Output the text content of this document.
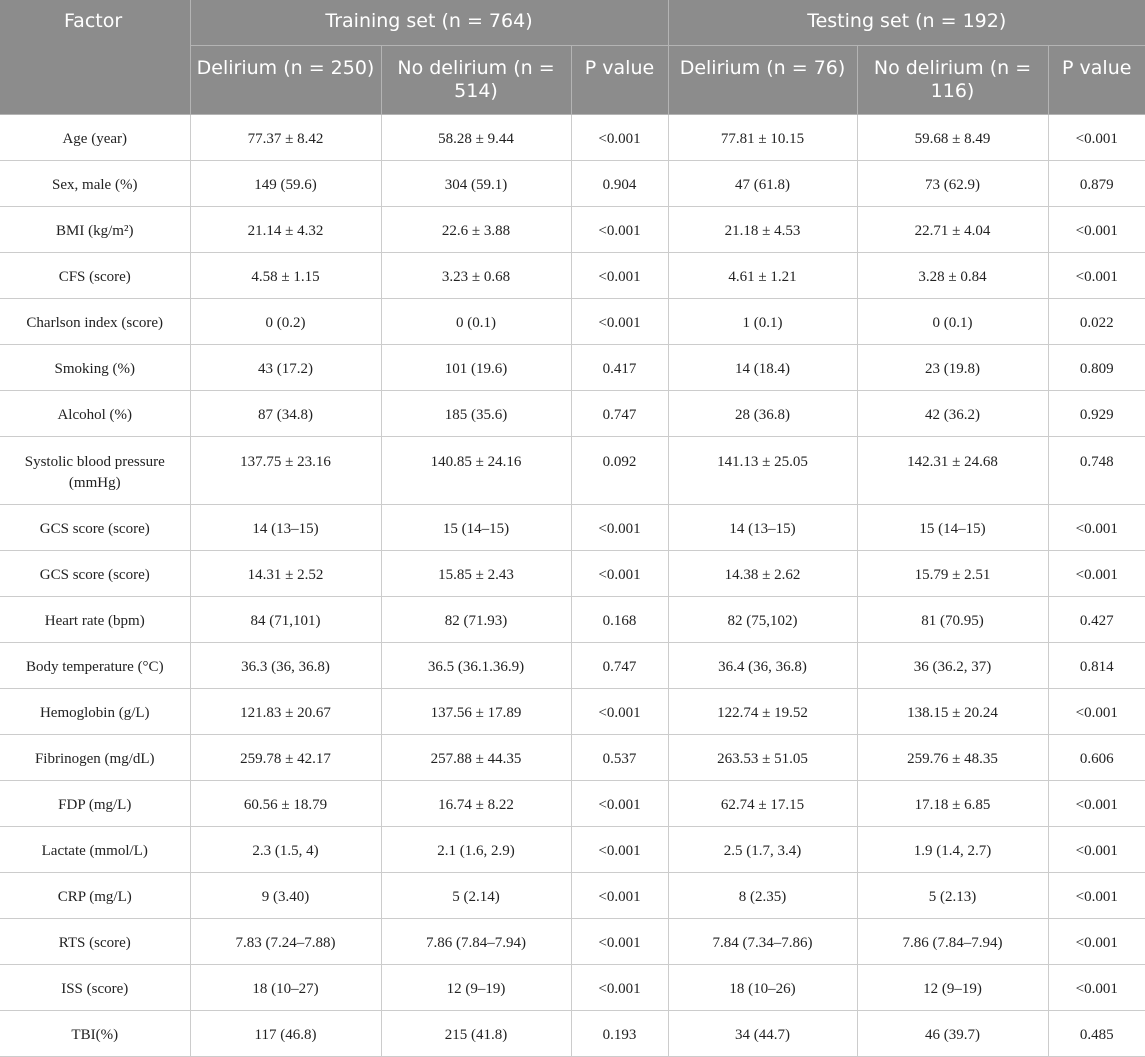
Factor	Training set (n = 764)			Testing set (n = 192)		
	Delirium (n = 250)	No delirium (n = 514)	P value	Delirium (n = 76)	No delirium (n = 116)	P value
Age (year)	77.37 ± 8.42	58.28 ± 9.44	<0.001	77.81 ± 10.15	59.68 ± 8.49	<0.001
Sex, male (%)	149 (59.6)	304 (59.1)	0.904	47 (61.8)	73 (62.9)	0.879
BMI (kg/m²)	21.14 ± 4.32	22.6 ± 3.88	<0.001	21.18 ± 4.53	22.71 ± 4.04	<0.001
CFS (score)	4.58 ± 1.15	3.23 ± 0.68	<0.001	4.61 ± 1.21	3.28 ± 0.84	<0.001
Charlson index (score)	0 (0.2)	0 (0.1)	<0.001	1 (0.1)	0 (0.1)	0.022
Smoking (%)	43 (17.2)	101 (19.6)	0.417	14 (18.4)	23 (19.8)	0.809
Alcohol (%)	87 (34.8)	185 (35.6)	0.747	28 (36.8)	42 (36.2)	0.929
Systolic blood pressure (mmHg)	137.75 ± 23.16	140.85 ± 24.16	0.092	141.13 ± 25.05	142.31 ± 24.68	0.748
GCS score (score)	14 (13–15)	15 (14–15)	<0.001	14 (13–15)	15 (14–15)	<0.001
GCS score (score)	14.31 ± 2.52	15.85 ± 2.43	<0.001	14.38 ± 2.62	15.79 ± 2.51	<0.001
Heart rate (bpm)	84 (71,101)	82 (71.93)	0.168	82 (75,102)	81 (70.95)	0.427
Body temperature (°C)	36.3 (36, 36.8)	36.5 (36.1.36.9)	0.747	36.4 (36, 36.8)	36 (36.2, 37)	0.814
Hemoglobin (g/L)	121.83 ± 20.67	137.56 ± 17.89	<0.001	122.74 ± 19.52	138.15 ± 20.24	<0.001
Fibrinogen (mg/dL)	259.78 ± 42.17	257.88 ± 44.35	0.537	263.53 ± 51.05	259.76 ± 48.35	0.606
FDP (mg/L)	60.56 ± 18.79	16.74 ± 8.22	<0.001	62.74 ± 17.15	17.18 ± 6.85	<0.001
Lactate (mmol/L)	2.3 (1.5, 4)	2.1 (1.6, 2.9)	<0.001	2.5 (1.7, 3.4)	1.9 (1.4, 2.7)	<0.001
CRP (mg/L)	9 (3.40)	5 (2.14)	<0.001	8 (2.35)	5 (2.13)	<0.001
RTS (score)	7.83 (7.24–7.88)	7.86 (7.84–7.94)	<0.001	7.84 (7.34–7.86)	7.86 (7.84–7.94)	<0.001
ISS (score)	18 (10–27)	12 (9–19)	<0.001	18 (10–26)	12 (9–19)	<0.001
TBI(%)	117 (46.8)	215 (41.8)	0.193	34 (44.7)	46 (39.7)	0.485
